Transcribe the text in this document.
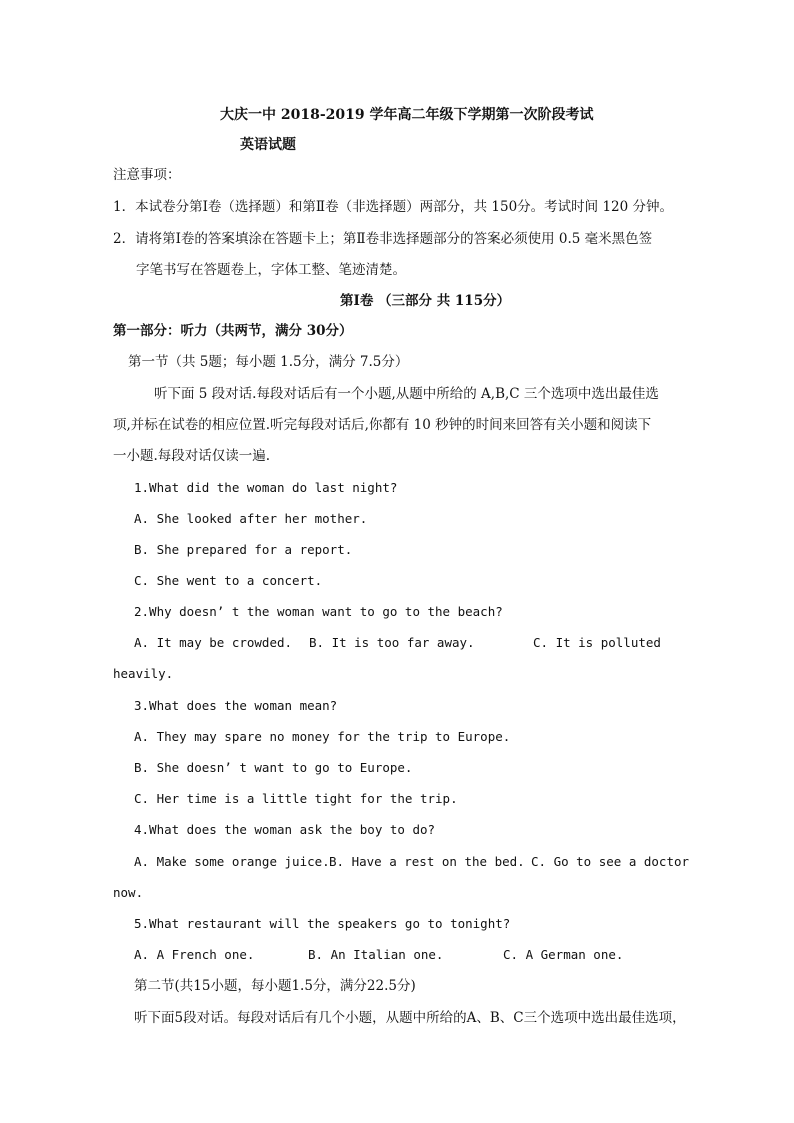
大庆一中 2018-2019 学年高二年级下学期第一次阶段考试
英语试题
注意事项：
1．本试卷分第Ⅰ卷（选择题）和第Ⅱ卷（非选择题）两部分，共 150分。考试时间 120 分钟。
2．请将第Ⅰ卷的答案填涂在答题卡上；第Ⅱ卷非选择题部分的答案必须使用 0.5 毫米黑色签
字笔书写在答题卷上，字体工整、笔迹清楚。
第Ⅰ卷 （三部分 共 115分）
第一部分：听力（共两节，满分 30分）
第一节（共 5题；每小题 1.5分，满分 7.5分）
听下面 5 段对话.每段对话后有一个小题,从题中所给的 A,B,C 三个选项中选出最佳选
项,并标在试卷的相应位置.听完每段对话后,你都有 10 秒钟的时间来回答有关小题和阅读下
一小题.每段对话仅读一遍.
1.What did the woman do last night?
A. She looked after her mother.
B. She prepared for a report.
C. She went to a concert.
2.Why doesn’ t the woman want to go to the beach?
A. It may be crowded. B. It is too far away.	C. It is polluted
heavily.
3.What does the woman mean?
A. They may spare no money for the trip to Europe.
B. She doesn’ t want to go to Europe.
C. Her time is a little tight for the trip.
4.What does the woman ask the boy to do?
A. Make some orange juice. B. Have a rest on the bed. C. Go to see a doctor
now.
5.What restaurant will the speakers go to tonight?
A. A French one.	B. An Italian one.	C. A German one.
第二节(共15小题，每小题1.5分，满分22.5分)
听下面5段对话。每段对话后有几个小题，从题中所给的A、B、C三个选项中选出最佳选项，
